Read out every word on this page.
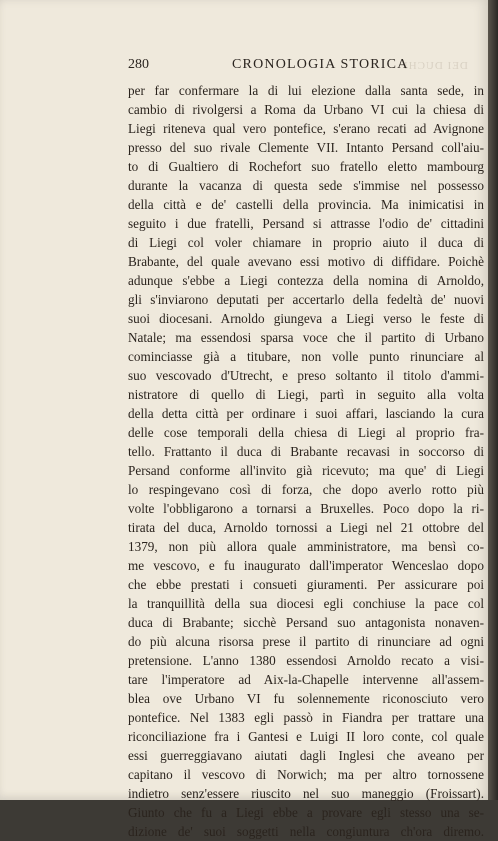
DEI DUCHI
280	CRONOLOGIA STORICA
per far confermare la di lui elezione dalla santa sede, in
cambio di rivolgersi a Roma da Urbano VI cui la chiesa di
Liegi riteneva qual vero pontefice, s'erano recati ad Avignone
presso del suo rivale Clemente VII. Intanto Persand coll'aiu-
to di Gualtiero di Rochefort suo fratello eletto mambourg
durante la vacanza di questa sede s'immise nel possesso
della città e de' castelli della provincia. Ma inimicatisi in
seguito i due fratelli, Persand si attrasse l'odio de' cittadini
di Liegi col voler chiamare in proprio aiuto il duca di
Brabante, del quale avevano essi motivo di diffidare. Poichè
adunque s'ebbe a Liegi contezza della nomina di Arnoldo,
gli s'inviarono deputati per accertarlo della fedeltà de' nuovi
suoi diocesani. Arnoldo giungeva a Liegi verso le feste di
Natale; ma essendosi sparsa voce che il partito di Urbano
cominciasse già a titubare, non volle punto rinunciare al
suo vescovado d'Utrecht, e preso soltanto il titolo d'ammi-
nistratore di quello di Liegi, partì in seguito alla volta
della detta città per ordinare i suoi affari, lasciando la cura
delle cose temporali della chiesa di Liegi al proprio fra-
tello. Frattanto il duca di Brabante recavasi in soccorso di
Persand conforme all'invito già ricevuto; ma que' di Liegi
lo respingevano così di forza, che dopo averlo rotto più
volte l'obbligarono a tornarsi a Bruxelles. Poco dopo la ri-
tirata del duca, Arnoldo tornossi a Liegi nel 21 ottobre del
1379, non più allora quale amministratore, ma bensì co-
me vescovo, e fu inaugurato dall'imperator Wenceslao dopo
che ebbe prestati i consueti giuramenti. Per assicurare poi
la tranquillità della sua diocesi egli conchiuse la pace col
duca di Brabante; sicchè Persand suo antagonista nonaven-
do più alcuna risorsa prese il partito di rinunciare ad ogni
pretensione. L'anno 1380 essendosi Arnoldo recato a visi-
tare l'imperatore ad Aix-la-Chapelle intervenne all'assem-
blea ove Urbano VI fu solennemente riconosciuto vero
pontefice. Nel 1383 egli passò in Fiandra per trattare una
riconciliazione fra i Gantesi e Luigi II loro conte, col quale
essi guerreggiavano aiutati dagli Inglesi che aveano per
capitano il vescovo di Norwich; ma per altro tornossene
indietro senz'essere riuscito nel suo maneggio (Froissart).
Giunto che fu a Liegi ebbe a provare egli stesso una se-
dizione de' suoi soggetti nella congiuntura ch'ora diremo.
